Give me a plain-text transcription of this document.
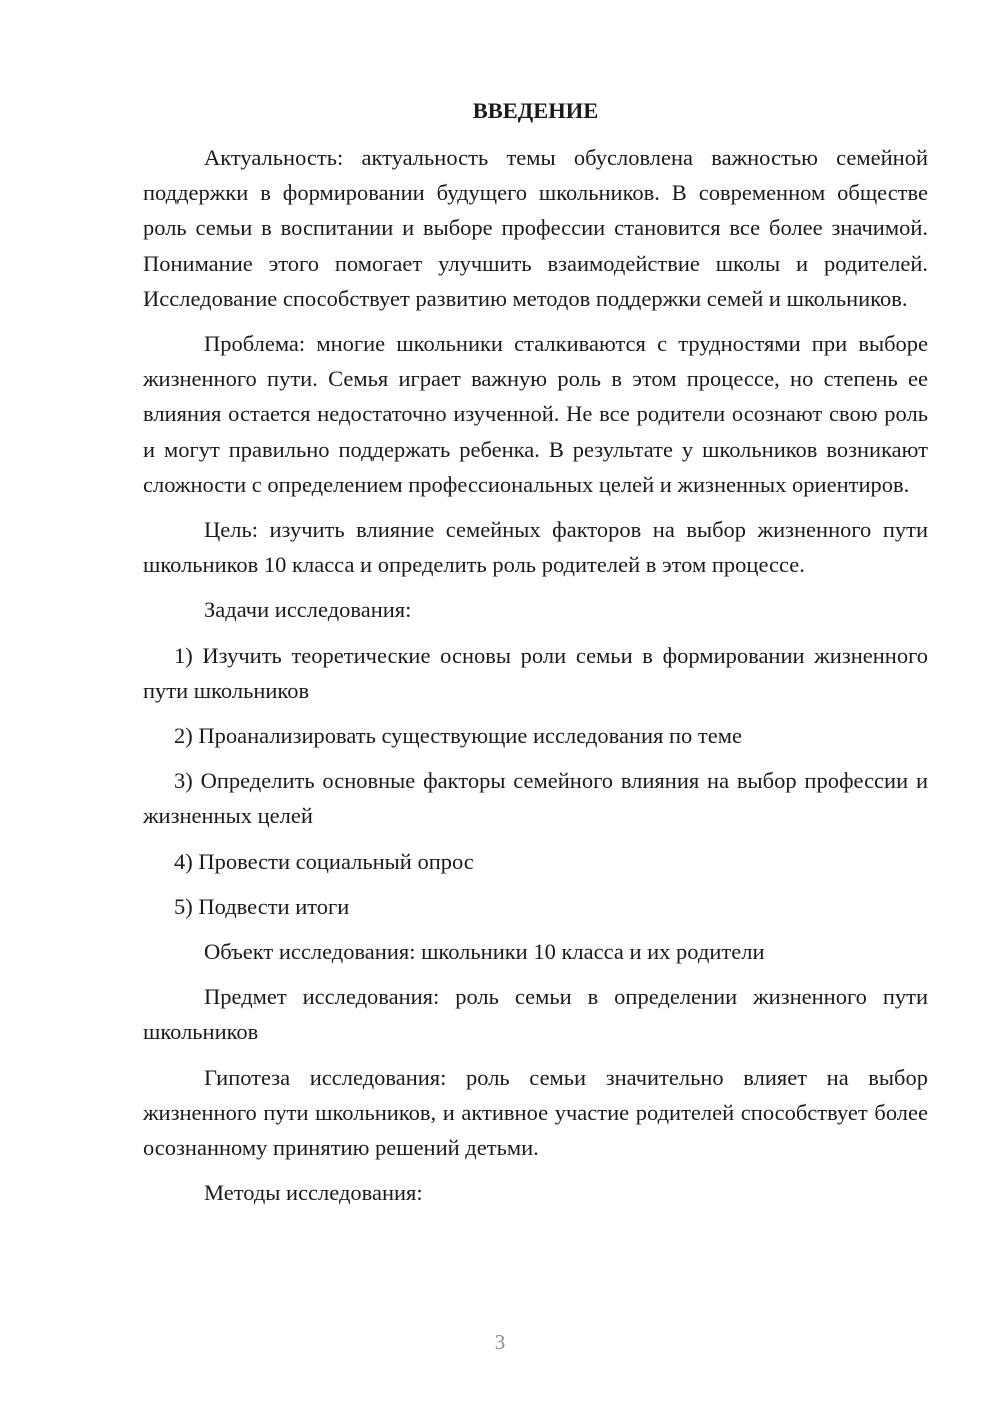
ВВЕДЕНИЕ

Актуальность: актуальность темы обусловлена важностью семейной поддержки в формировании будущего школьников. В современном обществе роль семьи в воспитании и выборе профессии становится все более значимой. Понимание этого помогает улучшить взаимодействие школы и родителей. Исследование способствует развитию методов поддержки семей и школьников.

Проблема: многие школьники сталкиваются с трудностями при выборе жизненного пути. Семья играет важную роль в этом процессе, но степень ее влияния остается недостаточно изученной. Не все родители осознают свою роль и могут правильно поддержать ребенка. В результате у школьников возникают сложности с определением профессиональных целей и жизненных ориентиров.

Цель: изучить влияние семейных факторов на выбор жизненного пути школьников 10 класса и определить роль родителей в этом процессе.

Задачи исследования:

1) Изучить теоретические основы роли семьи в формировании жизненного пути школьников

2) Проанализировать существующие исследования по теме

3) Определить основные факторы семейного влияния на выбор профессии и жизненных целей

4) Провести социальный опрос

5) Подвести итоги

Объект исследования: школьники 10 класса и их родители

Предмет исследования: роль семьи в определении жизненного пути школьников

Гипотеза исследования: роль семьи значительно влияет на выбор жизненного пути школьников, и активное участие родителей способствует более осознанному принятию решений детьми.

Методы исследования:

3
